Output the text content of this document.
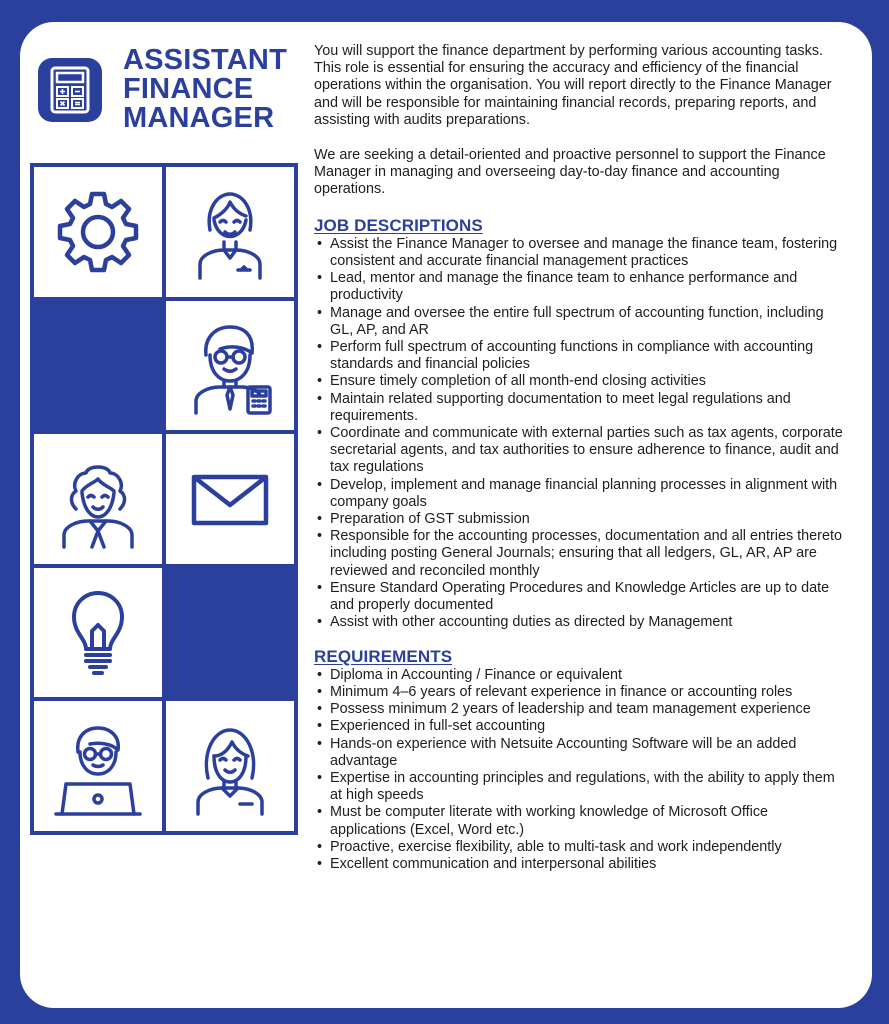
ASSISTANT
FINANCE
MANAGER

You will support the finance department by performing various accounting tasks. This role is essential for ensuring the accuracy and efficiency of the financial operations within the organisation. You will report directly to the Finance Manager and will be responsible for maintaining financial records, preparing reports, and assisting with audits preparations.

We are seeking a detail-oriented and proactive personnel to support the Finance Manager in managing and overseeing day-to-day finance and accounting operations.

JOB DESCRIPTIONS
• Assist the Finance Manager to oversee and manage the finance team, fostering consistent and accurate financial management practices
• Lead, mentor and manage the finance team to enhance performance and productivity
• Manage and oversee the entire full spectrum of accounting function, including GL, AP, and AR
• Perform full spectrum of accounting functions in compliance with accounting standards and financial policies
• Ensure timely completion of all month-end closing activities
• Maintain related supporting documentation to meet legal regulations and requirements.
• Coordinate and communicate with external parties such as tax agents, corporate secretarial agents, and tax authorities to ensure adherence to finance, audit and tax regulations
• Develop, implement and manage financial planning processes in alignment with company goals
• Preparation of GST submission
• Responsible for the accounting processes, documentation and all entries thereto including posting General Journals; ensuring that all ledgers, GL, AR, AP are reviewed and reconciled monthly
• Ensure Standard Operating Procedures and Knowledge Articles are up to date and properly documented
• Assist with other accounting duties as directed by Management
REQUIREMENTS
• Diploma in Accounting / Finance or equivalent
• Minimum 4–6 years of relevant experience in finance or accounting roles
• Possess minimum 2 years of leadership and team management experience
• Experienced in full-set accounting
• Hands-on experience with Netsuite Accounting Software will be an added advantage
• Expertise in accounting principles and regulations, with the ability to apply them at high speeds
• Must be computer literate with working knowledge of Microsoft Office applications (Excel, Word etc.)
• Proactive, exercise flexibility, able to multi-task and work independently
• Excellent communication and interpersonal abilities
